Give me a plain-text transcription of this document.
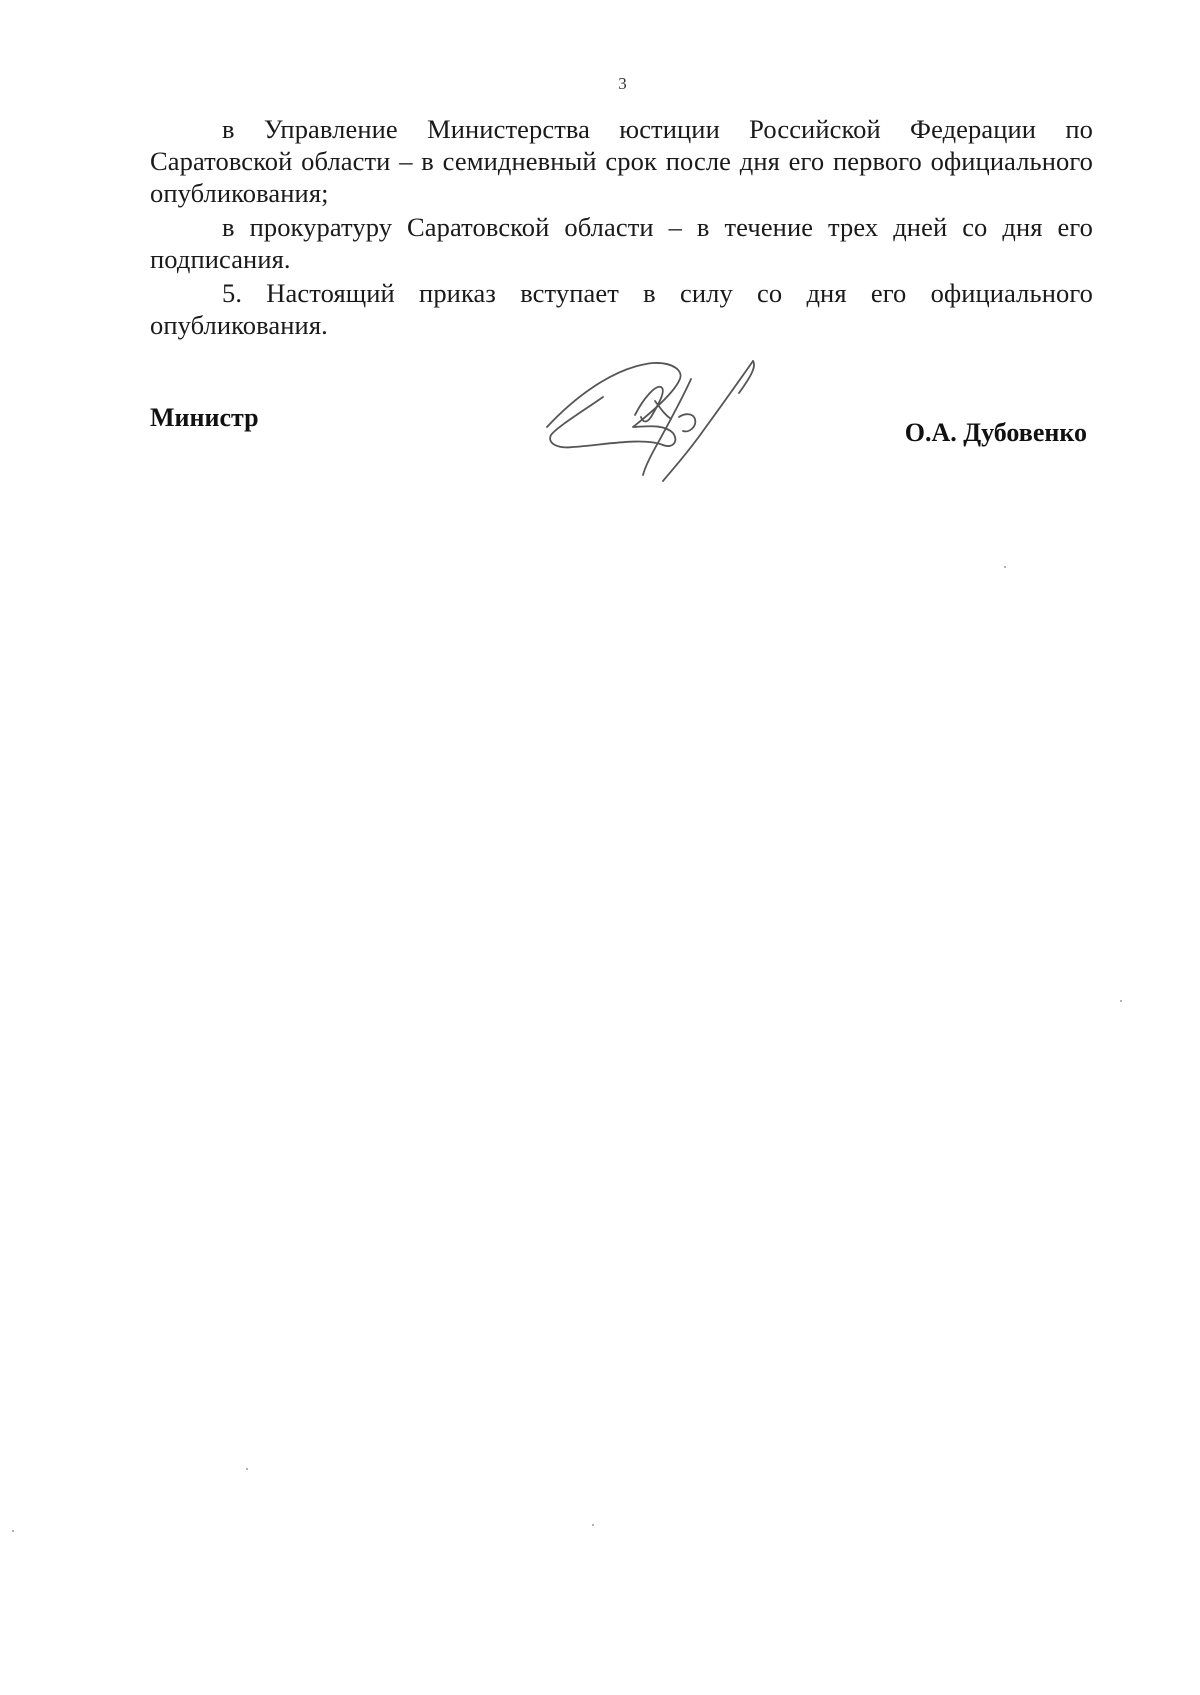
3

в Управление Министерства юстиции Российской Федерации по Саратовской области – в семидневный срок после дня его первого официального опубликования;

в прокуратуру Саратовской области – в течение трех дней со дня его подписания.

5. Настоящий приказ вступает в силу со дня его официального опубликования.

Министр
О.А. Дубовенко
